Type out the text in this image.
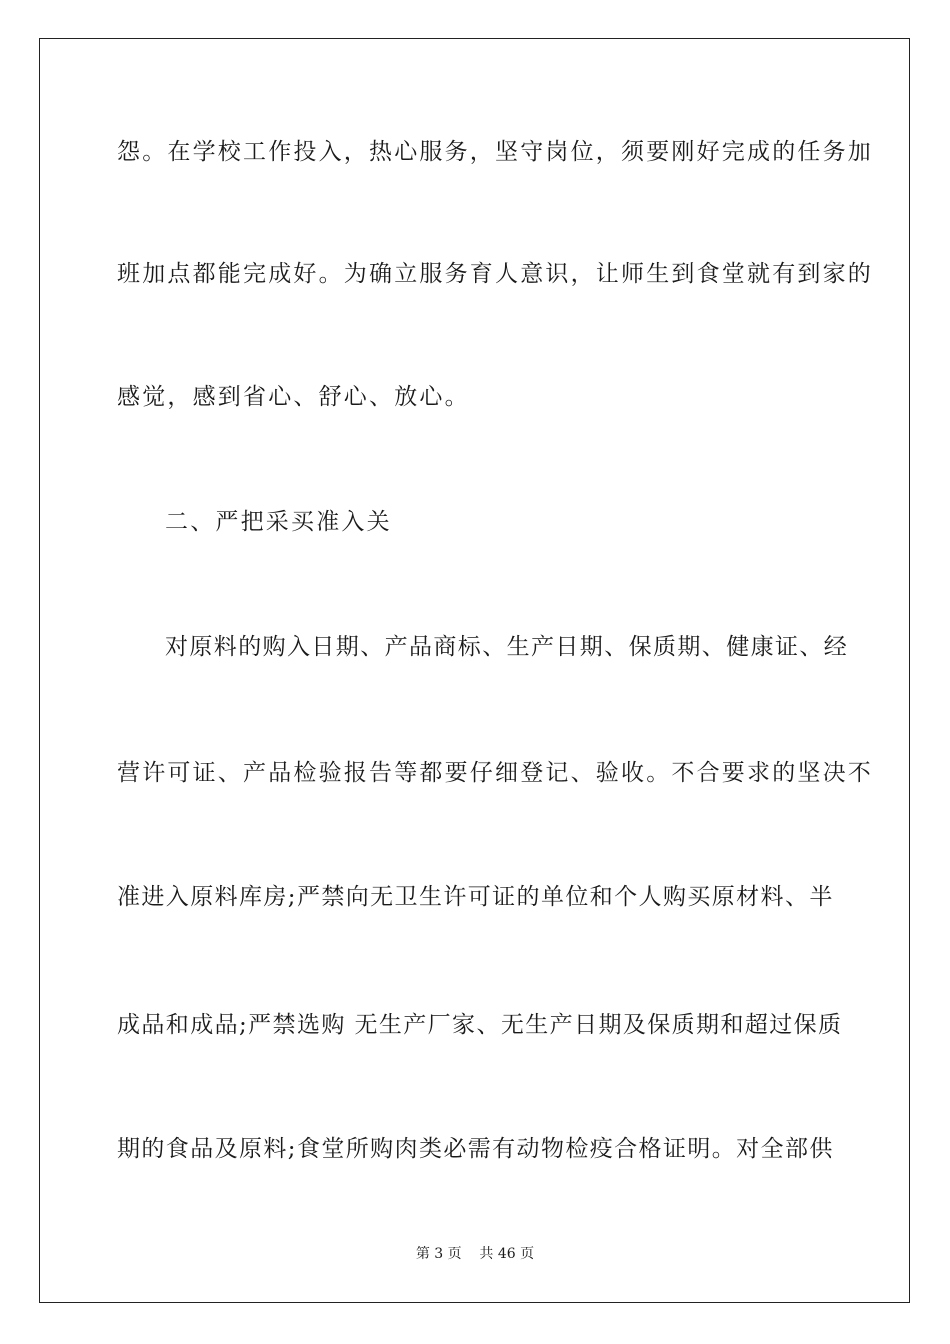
怨。在学校工作投入，热心服务，坚守岗位，须要刚好完成的任务加
班加点都能完成好。为确立服务育人意识，让师生到食堂就有到家的
感觉，感到省心、舒心、放心。
二、严把采买准入关
对原料的购入日期、产品商标、生产日期、保质期、健康证、经
营许可证、产品检验报告等都要仔细登记、验收。不合要求的坚决不
准进入原料库房;严禁向无卫生许可证的单位和个人购买原材料、半
成品和成品;严禁选购 无生产厂家、无生产日期及保质期和超过保质
期的食品及原料;食堂所购肉类必需有动物检疫合格证明。对全部供
第 3 页    共 46 页
